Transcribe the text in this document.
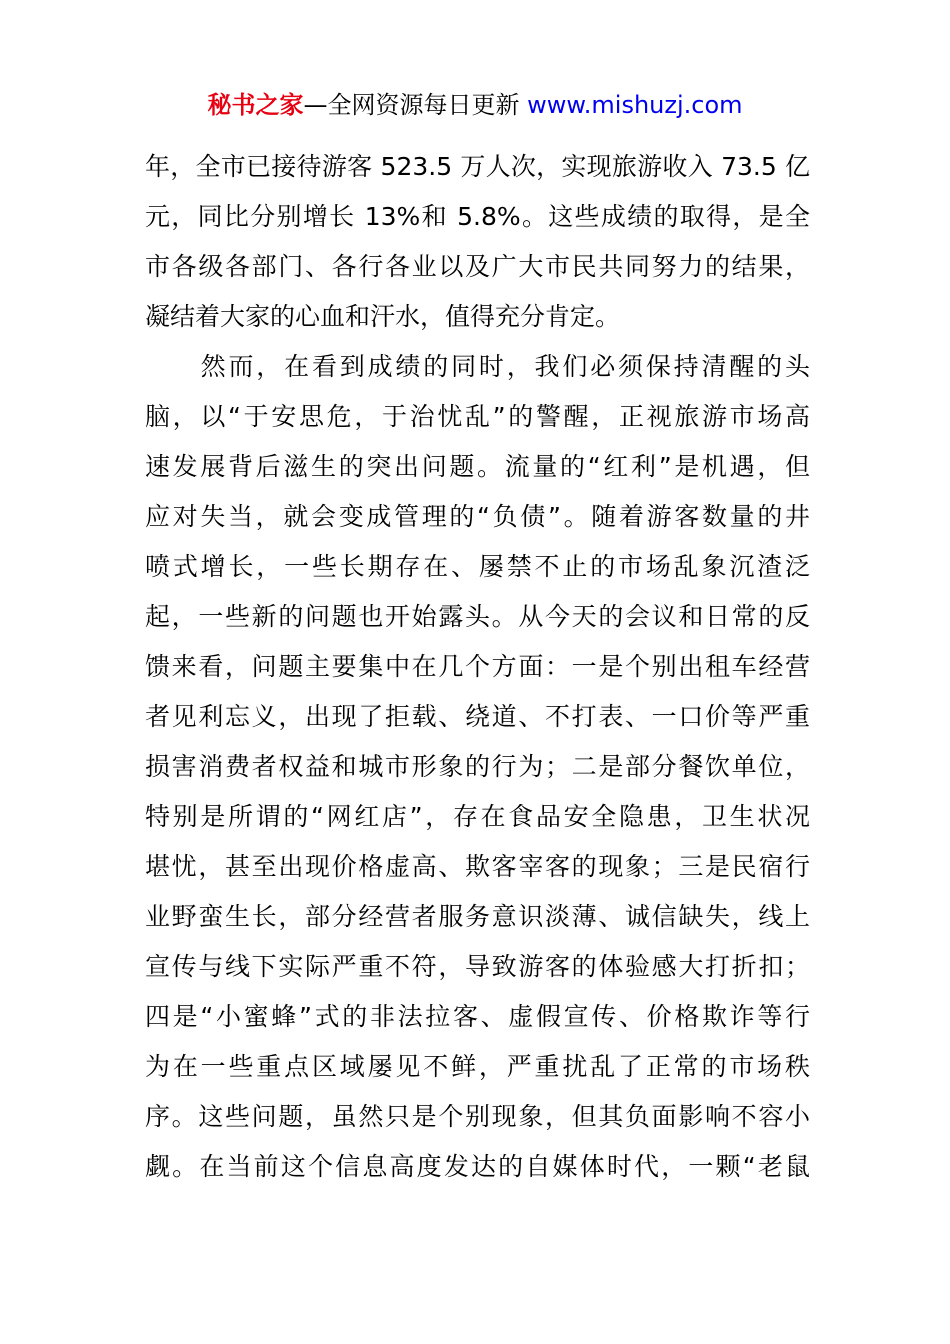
秘书之家—全网资源每日更新 www.mishuzj.com
年，全市已接待游客 523.5 万人次，实现旅游收入 73.5 亿
元，同比分别增长 13%和 5.8%。这些成绩的取得，是全
市各级各部门、各行各业以及广大市民共同努力的结果，
凝结着大家的心血和汗水，值得充分肯定。
　　然而，在看到成绩的同时，我们必须保持清醒的头
脑，以“于安思危，于治忧乱”的警醒，正视旅游市场高
速发展背后滋生的突出问题。流量的“红利”是机遇，但
应对失当，就会变成管理的“负债”。随着游客数量的井
喷式增长，一些长期存在、屡禁不止的市场乱象沉渣泛
起，一些新的问题也开始露头。从今天的会议和日常的反
馈来看，问题主要集中在几个方面：一是个别出租车经营
者见利忘义，出现了拒载、绕道、不打表、一口价等严重
损害消费者权益和城市形象的行为；二是部分餐饮单位，
特别是所谓的“网红店”，存在食品安全隐患，卫生状况
堪忧，甚至出现价格虚高、欺客宰客的现象；三是民宿行
业野蛮生长，部分经营者服务意识淡薄、诚信缺失，线上
宣传与线下实际严重不符，导致游客的体验感大打折扣；
四是“小蜜蜂”式的非法拉客、虚假宣传、价格欺诈等行
为在一些重点区域屡见不鲜，严重扰乱了正常的市场秩
序。这些问题，虽然只是个别现象，但其负面影响不容小
觑。在当前这个信息高度发达的自媒体时代，一颗“老鼠
